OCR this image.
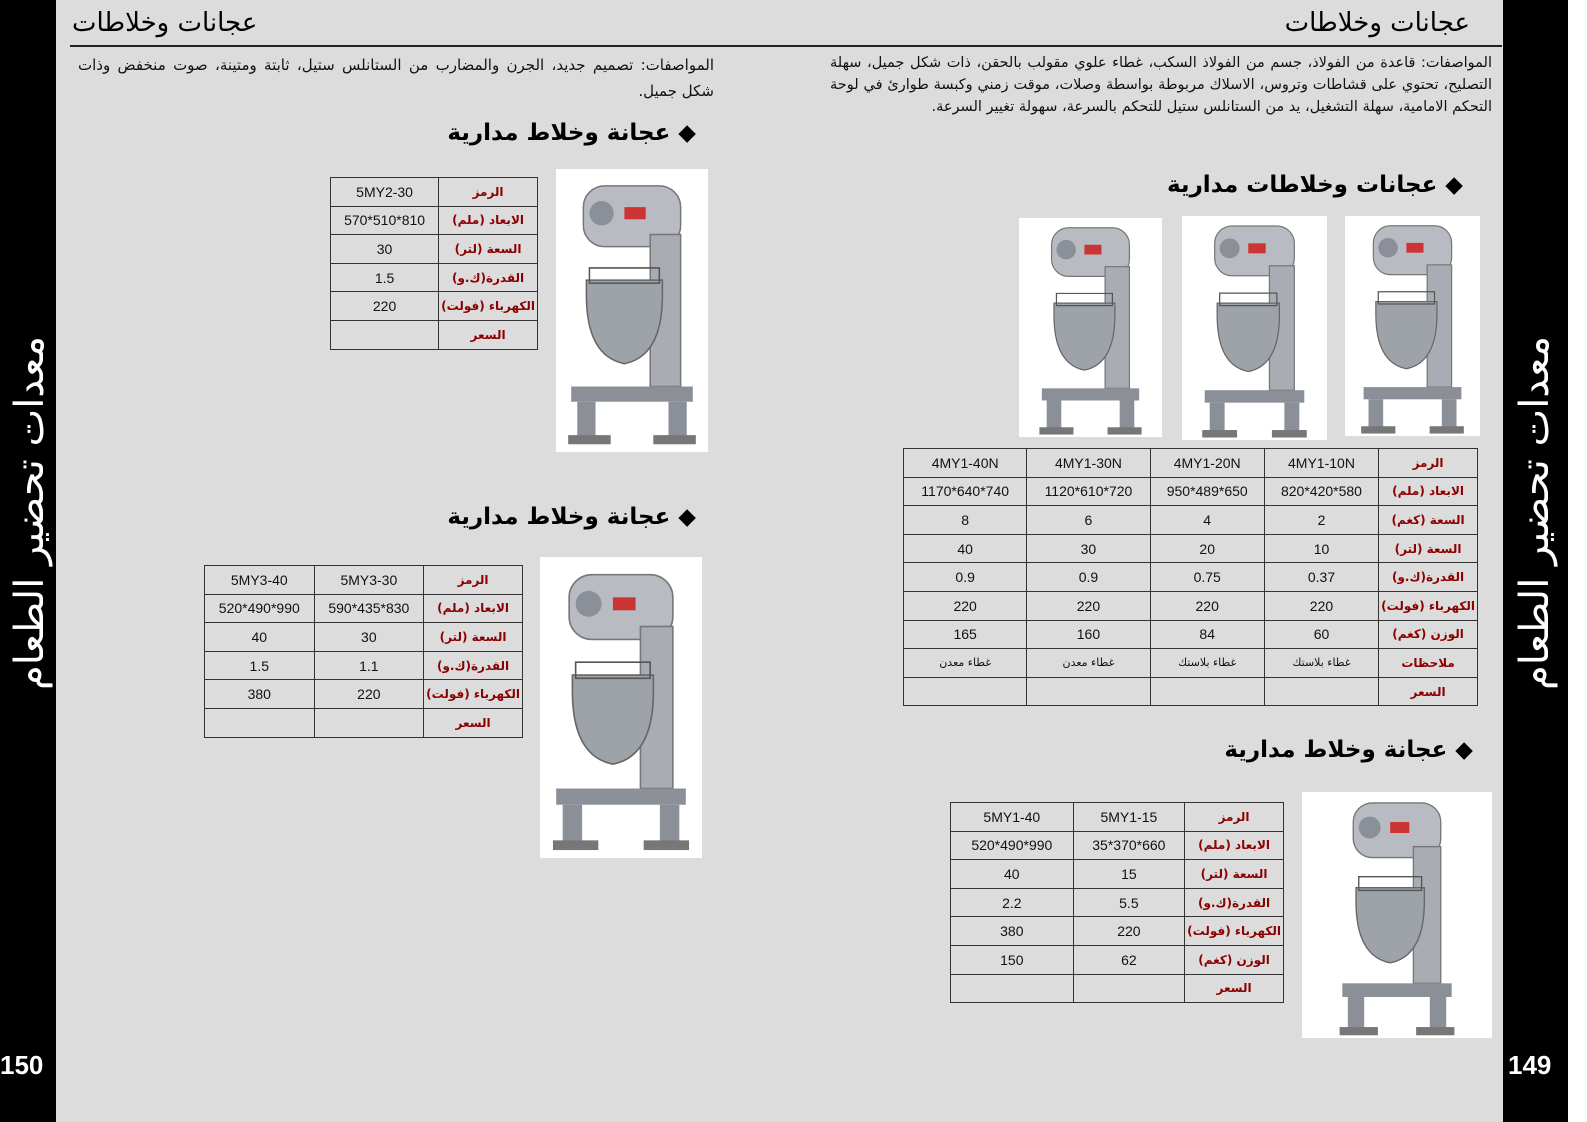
معدات تحضير الطعام	معدات تحضير الطعام
150	149
عجانات وخلاطات	عجانات وخلاطات
المواصفات: تصميم جديد، الجرن والمضارب من الستانلس ستيل، ثابتة ومتينة، صوت منخفض وذات شكل جميل.
المواصفات: قاعدة من الفولاذ، جسم من الفولاذ السكب، غطاء علوي مقولب بالحقن، ذات شكل جميل، سهلة التصليح، تحتوي على قشاطات وتروس، الاسلاك مربوطة بواسطة وصلات، موقت زمني وكبسة طوارئ في لوحة التحكم الامامية، سهلة التشغيل، يد من الستانلس ستيل للتحكم بالسرعة، سهولة تغيير السرعة.
◆ عجانة وخلاط مدارية
◆ عجانة وخلاط مدارية
◆ عجانات وخلاطات مدارية
◆ عجانة وخلاط مدارية
الرمز	5MY2-30
الابعاد (ملم)	810*510*570
السعة (لتر)	30
القدرة(ك.و)	1.5
الكهرباء (فولت)	220
السعر	
الرمز	5MY3-30	5MY3-40
الابعاد (ملم)	830*435*590	990*490*520
السعة (لتر)	30	40
القدرة(ك.و)	1.1	1.5
الكهرباء (فولت)	220	380
السعر		
الرمز	4MY1-10N	4MY1-20N	4MY1-30N	4MY1-40N
الابعاد (ملم)	580*420*820	650*489*950	720*610*1120	740*640*1170
السعة (كغم)	2	4	6	8
السعة (لتر)	10	20	30	40
القدرة(ك.و)	0.37	0.75	0.9	0.9
الكهرباء (فولت)	220	220	220	220
الوزن (كغم)	60	84	160	165
ملاحظات	غطاء بلاستك	غطاء بلاستك	غطاء معدن	غطاء معدن
السعر				
الرمز	5MY1-15	5MY1-40
الابعاد (ملم)	660*370*35	990*490*520
السعة (لتر)	15	40
القدرة(ك.و)	5.5	2.2
الكهرباء (فولت)	220	380
الوزن (كغم)	62	150
السعر		
